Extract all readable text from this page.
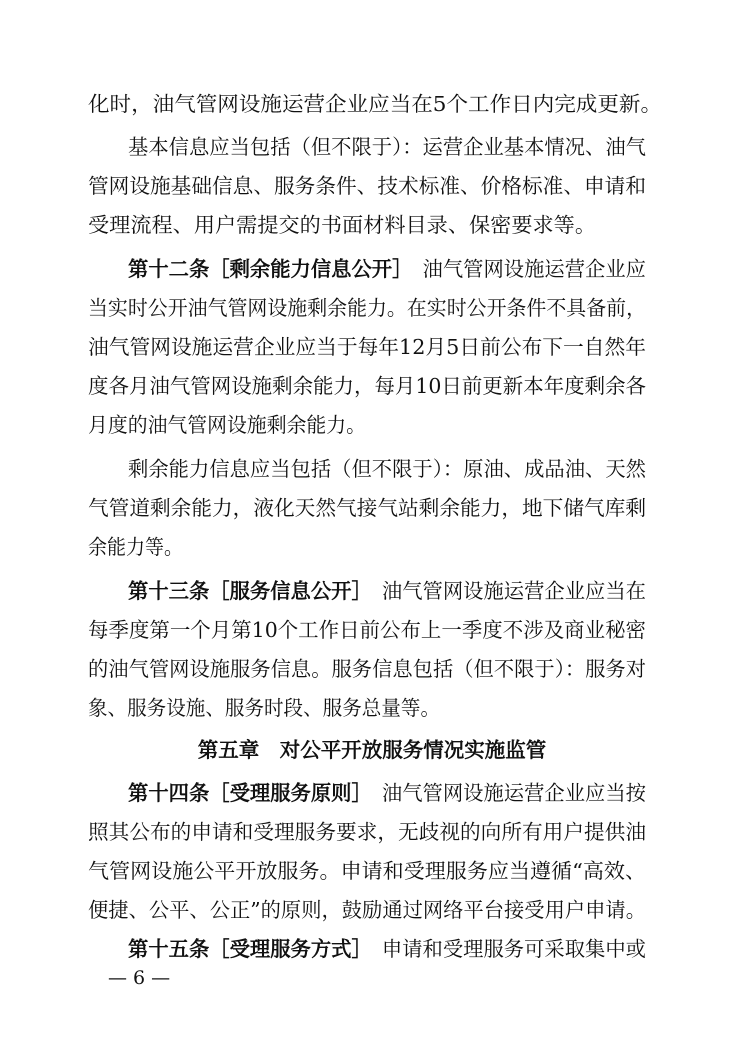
化时，油气管网设施运营企业应当在5个工作日内完成更新。
基本信息应当包括（但不限于）：运营企业基本情况、油气
管网设施基础信息、服务条件、技术标准、价格标准、申请和
受理流程、用户需提交的书面材料目录、保密要求等。
第十二条［剩余能力信息公开］　油气管网设施运营企业应
当实时公开油气管网设施剩余能力。在实时公开条件不具备前，
油气管网设施运营企业应当于每年12月5日前公布下一自然年
度各月油气管网设施剩余能力，每月10日前更新本年度剩余各
月度的油气管网设施剩余能力。
剩余能力信息应当包括（但不限于）：原油、成品油、天然
气管道剩余能力，液化天然气接气站剩余能力，地下储气库剩
余能力等。
第十三条［服务信息公开］　油气管网设施运营企业应当在
每季度第一个月第10个工作日前公布上一季度不涉及商业秘密
的油气管网设施服务信息。服务信息包括（但不限于）：服务对
象、服务设施、服务时段、服务总量等。
第五章　对公平开放服务情况实施监管
第十四条［受理服务原则］　油气管网设施运营企业应当按
照其公布的申请和受理服务要求，无歧视的向所有用户提供油
气管网设施公平开放服务。申请和受理服务应当遵循“高效、
便捷、公平、公正”的原则，鼓励通过网络平台接受用户申请。
第十五条［受理服务方式］　申请和受理服务可采取集中或
— 6 —
